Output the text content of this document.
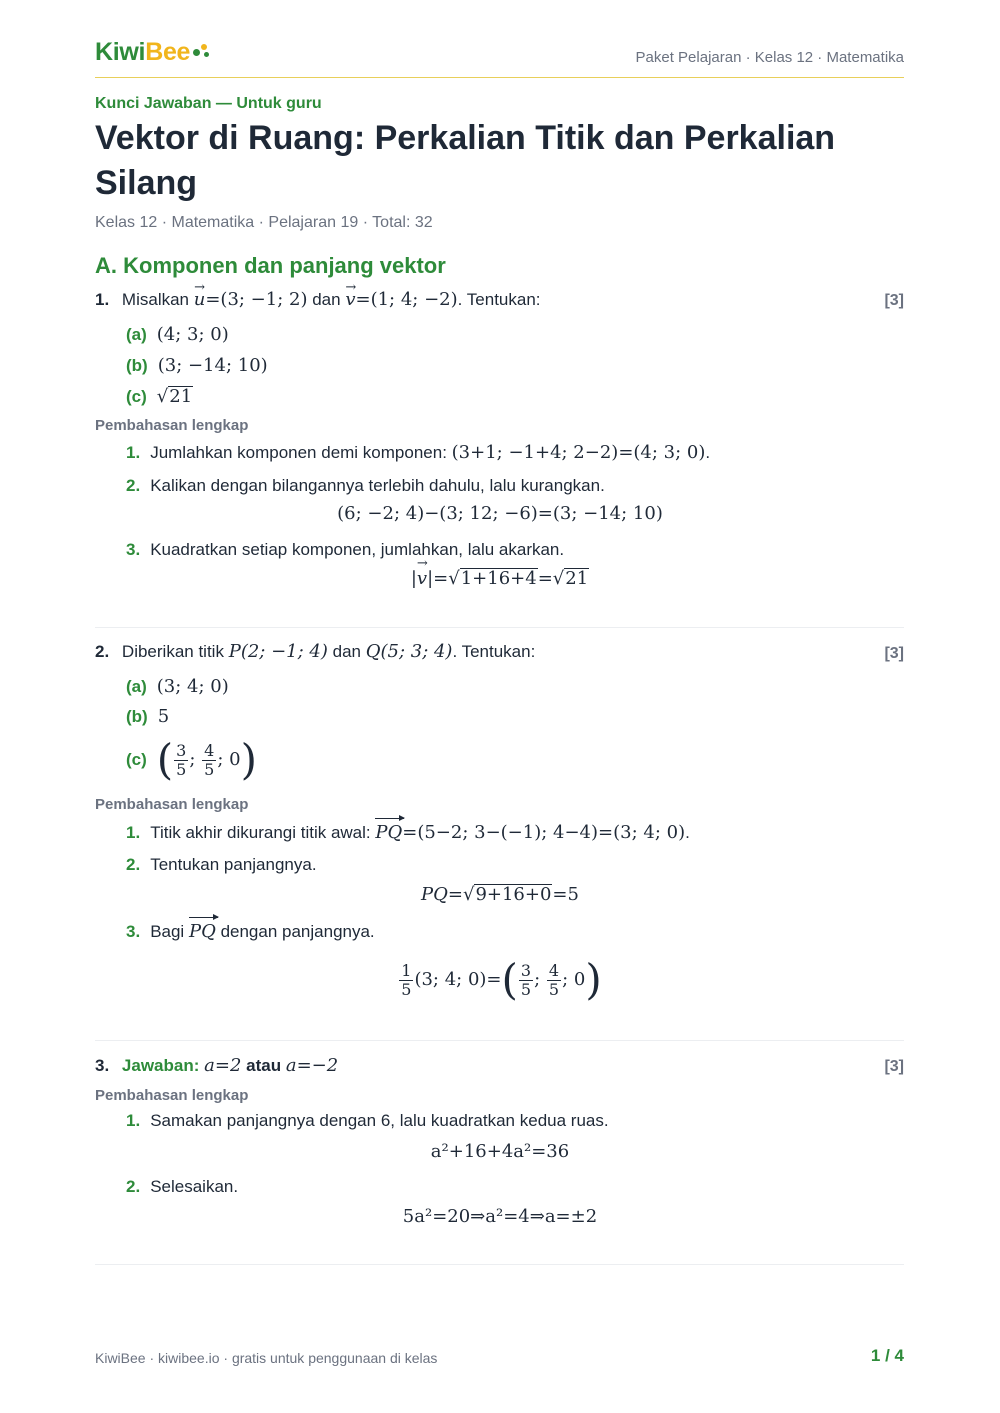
KiwiBee	Paket Pelajaran · Kelas 12 · Matematika
Kunci Jawaban — Untuk guru
Vektor di Ruang: Perkalian Titik dan Perkalian Silang
Kelas 12 · Matematika · Pelajaran 19 · Total: 32
A. Komponen dan panjang vektor
1. Misalkan → u=(3; −1; 2) dan → v=(1; 4; −2). Tentukan:	[3]
(a) (4; 3; 0)
(b) (3; −14; 10)
(c) √21
Pembahasan lengkap
1. Jumlahkan komponen demi komponen: (3+1; −1+4; 2−2)=(4; 3; 0).
2. Kalikan dengan bilangannya terlebih dahulu, lalu kurangkan.
(6; −2; 4)−(3; 12; −6)=(3; −14; 10)
3. Kuadratkan setiap komponen, jumlahkan, lalu akarkan.
|→ v|=√1+16+4=√21
2. Diberikan titik P(2; −1; 4) dan Q(5; 3; 4). Tentukan:	[3]
(a) (3; 4; 0)
(b) 5
(c) ( $\frac{3}{5}$ ; $\frac{4}{5}$ ; 0)
Pembahasan lengkap
1. Titik akhir dikurangi titik awal: PQ=(5−2; 3−(−1); 4−4)=(3; 4; 0).
2. Tentukan panjangnya.
PQ=√9+16+0=5
3. Bagi PQ dengan panjangnya.
$\frac{1}{5} (3$; 4; $0)=( \frac{3}{5}$ ; $\frac{4}{5}$ ; 0)
3. Jawaban: a=2 atau a=−2	[3]
Pembahasan lengkap
1. Samakan panjangnya dengan 6, lalu kuadratkan kedua ruas.
a²+16+4a²=36
2. Selesaikan.
5a²=20⇒a²=4⇒a=±2
KiwiBee · kiwibee.io · gratis untuk penggunaan di kelas	1 / 4
